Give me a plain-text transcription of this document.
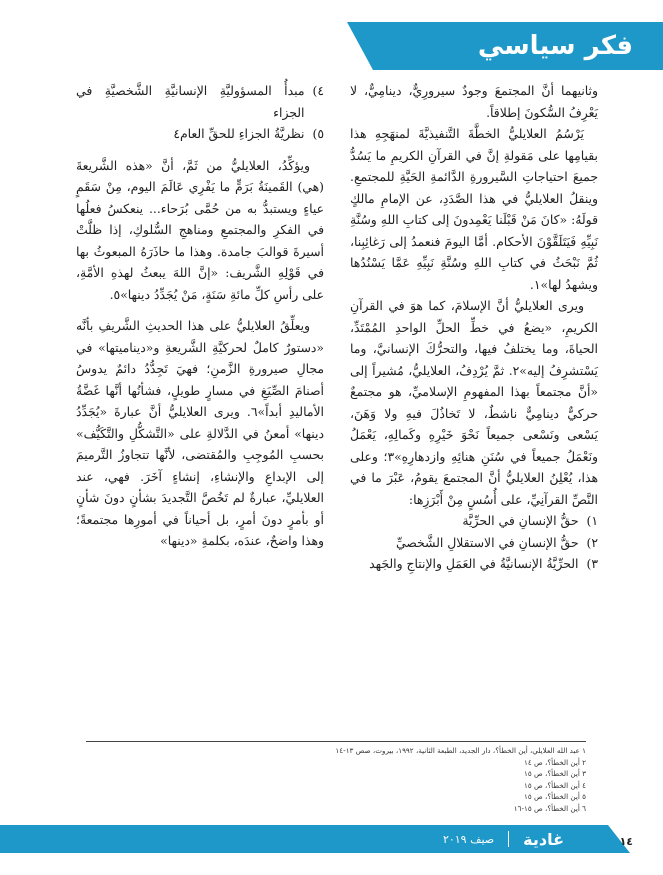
فكر سياسي

وثانيهما أنَّ المجتمعَ وجودٌ سيرورِيٌّ، دينامِيٌّ، لا يَعْرِفُ السُّكونَ إطلاقاً.

يَرْسُمُ العلايليُّ الخطَّةَ التَّنفيذيَّةَ لمنهَجِهِ هذا بقيامِها على مَقولةِ إنَّ في القرآنِ الكريمِ ما يَسُدُّ جميعَ احتياجاتِ السَّيرورةِ الدَّائمةِ الحَيَّةِ للمجتمعِ. وينقلُ العلايليُّ في هذا الصَّدَدِ، عن الإمامِ مالكٍ قولَهُ: «كانَ مَنْ قَبْلَنا يَعْمِدونَ إلى كتابِ اللهِ وسُنَّةِ نَبِيِّهِ فَيَتَلَقَّوْنَ الأحكام. أمَّا اليومَ فنعمدُ إلى رَغائِبِنا، ثُمَّ نَبْحَثُ في كتابِ اللهِ وسُنَّةِ نَبِيِّهِ عَمَّا يَسْنُدُها ويشهدُ لها»١.

ويرى العلايليُّ أنَّ الإسلامَ، كما هوَ في القرآنِ الكريمِ، «يضعُ في خطِّ الحلِّ الواحدِ المُمْتَدِّ، الحياةَ، وما يختلفُ فيها، والتحرُّكَ الإنسانيَّ، وما يَسْتشرِفُ إليه»٢. ثمَّ يُرْدِفُ، العلايليُّ، مُشيراً إلى «أنَّ مجتمعاً بهذا المفهومِ الإسلاميِّ، هو مجتمعٌ حركيٌّ دينامِيٌّ ناشطٌ، لا تَخاذُلَ فيهِ ولا وَهَنَ، يَسْعى ونَسْعى جميعاً نَحْوَ خَيْرِهِ وكَمالِهِ، يَعْمَلُ ونَعْمَلُ جميعاً في سُنَنِ هنائِهِ وازدهارِهِ»٣؛ وعلى هذا، يُعْلِنُ العلايليُّ أنَّ المجتمعَ يقومُ، عَبْرَ ما في النَّصِّ القرآنِيِّ، على أُسُسٍ مِنْ أَبْرَزِها:

١)
حقُّ الإنسانِ في الحرِّيَّة
٢)
حقُّ الإنسانِ في الاستقلالِ الشَّخصيِّ
٣)
الحرِّيَّةُ الإنسانيَّةُ في العَمَلِ والإنتاجِ والجَهد
٤)
مبدأُ المسؤوليَّةِ الإنسانيَّةِ الشَّخصيَّةِ في الجزاء
٥)
نظريَّةُ الجزاءِ للحقِّ العام٤

ويؤكِّدُ، العلايليُّ من ثَمَّ، أنَّ «هذه الشَّريعةَ (هي) القَمينَةُ بَرَمٍّ ما يَفْرِي عَالَمَ اليوم، مِنْ سَقَمٍ عياءٍ ويستبدُّ به من حُمَّى بُرَحاء... ينعكسُ فعلُها في الفكرِ والمجتمعِ ومناهجِ السُّلوكِ، إذا ظلَّتْ أسيرةَ قوالبَ جامدة. وهذا ما حاذَرَهُ المبعوثُ بها في قَوْلِهِ الشَّريف: «إنَّ اللهَ يبعثُ لهذهِ الأمَّةِ، على رأسِ كلِّ مائةِ سَنَةٍ، مَنْ يُجَدِّدُ دينها»٥.

ويعلِّقُ العلايليُّ على هذا الحديثِ الشَّريفِ بأنَّه «دستورٌ كاملٌ لحركيَّةِ الشَّريعةِ و«ديناميتها» في مجالِ صيرورةِ الزَّمنِ؛ فهيَ تَجِدُّدُ دائمٌ يدوسُ أصنامَ الصِّيَغِ في مسارٍ طويلٍ، فشأنُها أنَّها غَضَّةُ الأماليدِ أبداً»٦. ويرى العلايليُّ أنَّ عبارةَ «يُجَدِّدُ دينها» أمعنُ في الدَّلالةِ على «التَّشكُّلِ والتَّكَيُّف» بحسبِ المُوجِبِ والمُقتضى، لأنَّها تتجاوزُ التَّرميمَ إلى الإبداعِ والإنشاءِ، إنشاءٍ آخَرَ. فهي، عند العلايليِّ، عبارةٌ لم تَخُصَّ التَّجديدَ بشأنٍ دونَ شأنٍ أو بأمرٍ دونَ أمرٍ، بل أحياناً في أمورِها مجتمعةً؛ وهذا واضحٌ، عندَه، بكلمةِ «دينها»

١ عبد الله العلايلي، أين الخطأ؟، دار الجديد، الطبعة الثانية، ١٩٩٢، بيروت، صص ١٣-١٤
٢ أين الخطأ؟، ص ١٤
٣ أين الخطأ؟، ص ١٥
٤ أين الخطأ؟، ص ١٥
٥ أين الخطأ؟، ص ١٥
٦ أين الخطأ؟، ص ١٥-١٦
صيف ٢٠١٩ غادية	١٤
